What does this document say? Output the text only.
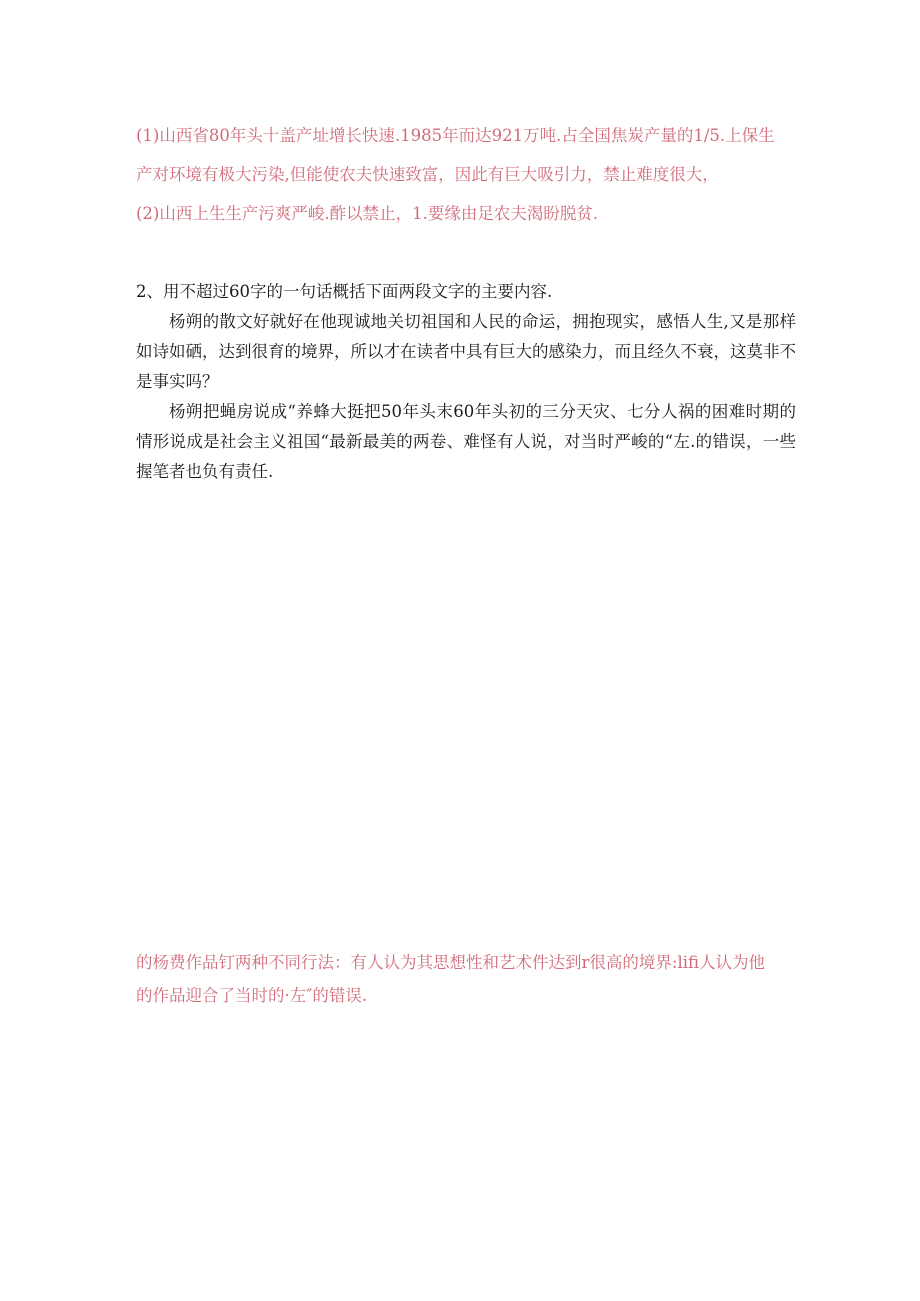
(1)山西省80年头十盖产址增长快速.1985年而达921万吨.占全国焦炭产量的1/5.上保生

产对环境有极大污染,但能使农夫快速致富，因此有巨大吸引力，禁止难度很大，

(2)山西上生生产污爽严峻.酢以禁止，1.要缘由足农夫渴盼脱贫.

2、用不超过60字的一句话概括下面两段文字的主要内容.

杨朔的散文好就好在他现诚地关切祖国和人民的命运，拥抱现实，感悟人生,又是那样如诗如硒，达到很育的境界，所以才在读者中具有巨大的感染力，而且经久不衰，这莫非不是事实吗？

杨朔把蝇房说成“养蜂大挺把50年头末60年头初的三分天灾、七分人祸的困难时期的情形说成是社会主义祖国“最新最美的两卷、难怪有人说，对当时严峻的“左.的错误，一些握笔者也负有责任.

的杨费作品钉两种不同行法：有人认为其思想性和艺术件达到r很高的境界:lifi人认为他

的作品迎合了当时的·左″的错误.
